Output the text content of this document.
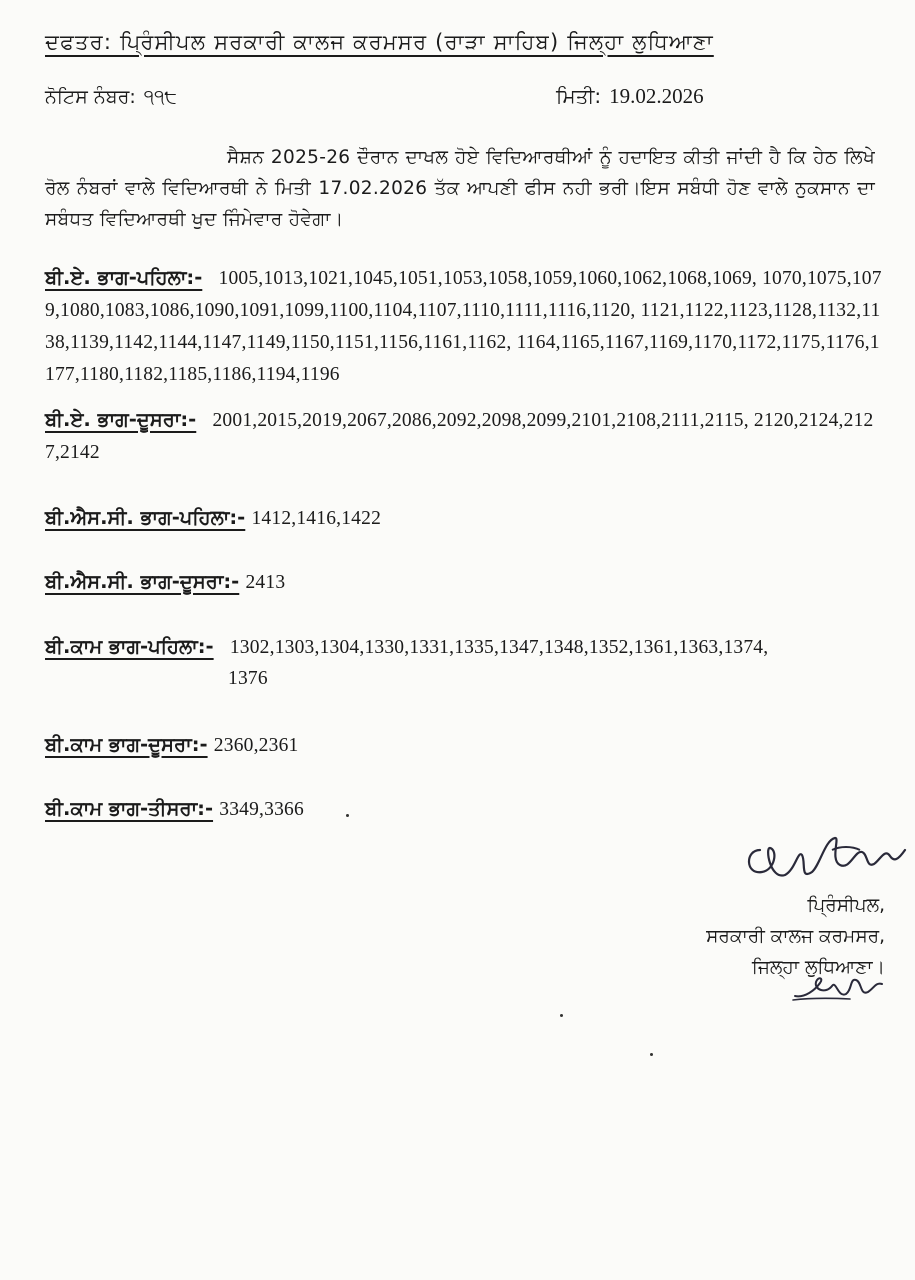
ਦਫਤਰ: ਪ੍ਰਿੰਸੀਪਲ ਸਰਕਾਰੀ ਕਾਲਜ ਕਰਮਸਰ (ਰਾੜਾ ਸਾਹਿਬ) ਜਿਲ੍ਹਾ ਲੁਧਿਆਣਾ
ਨੋਟਿਸ ਨੰਬਰ: ੧੧੮	ਮਿਤੀ: 19.02.2026
ਸੈਸ਼ਨ 2025-26 ਦੌਰਾਨ ਦਾਖਲ ਹੋਏ ਵਿਦਿਆਰਥੀਆਂ ਨੂੰ ਹਦਾਇਤ ਕੀਤੀ ਜਾਂਦੀ ਹੈ ਕਿ ਹੇਠ ਲਿਖੇ ਰੋਲ ਨੰਬਰਾਂ ਵਾਲੇ ਵਿਦਿਆਰਥੀ ਨੇ ਮਿਤੀ 17.02.2026 ਤੱਕ ਆਪਣੀ ਫੀਸ ਨਹੀ ਭਰੀ।ਇਸ ਸਬੰਧੀ ਹੋਣ ਵਾਲੇ ਨੁਕਸਾਨ ਦਾ ਸਬੰਧਤ ਵਿਦਿਆਰਥੀ ਖੁਦ ਜਿੰਮੇਵਾਰ ਹੋਵੇਗਾ।
ਬੀ.ਏ. ਭਾਗ-ਪਹਿਲਾ:- 1005,1013,1021,1045,1051,1053,1058,1059,1060,1062,1068,1069, 1070,1075,1079,1080,1083,1086,1090,1091,1099,1100,1104,1107,1110,1111,1116,1120, 1121,1122,1123,1128,1132,1138,1139,1142,1144,1147,1149,1150,1151,1156,1161,1162, 1164,1165,1167,1169,1170,1172,1175,1176,1177,1180,1182,1185,1186,1194,1196
ਬੀ.ਏ. ਭਾਗ-ਦੂਸਰਾ:- 2001,2015,2019,2067,2086,2092,2098,2099,2101,2108,2111,2115, 2120,2124,2127,2142
ਬੀ.ਐਸ.ਸੀ. ਭਾਗ-ਪਹਿਲਾ:- 1412,1416,1422
ਬੀ.ਐਸ.ਸੀ. ਭਾਗ-ਦੂਸਰਾ:- 2413
ਬੀ.ਕਾਮ ਭਾਗ-ਪਹਿਲਾ:- 1302,1303,1304,1330,1331,1335,1347,1348,1352,1361,1363,1374,
1376
ਬੀ.ਕਾਮ ਭਾਗ-ਦੂਸਰਾ:- 2360,2361
ਬੀ.ਕਾਮ ਭਾਗ-ਤੀਸਰਾ:- 3349,3366
ਪ੍ਰਿੰਸੀਪਲ,
ਸਰਕਾਰੀ ਕਾਲਜ ਕਰਮਸਰ,
ਜਿਲ੍ਹਾ ਲੁਧਿਆਣਾ।
